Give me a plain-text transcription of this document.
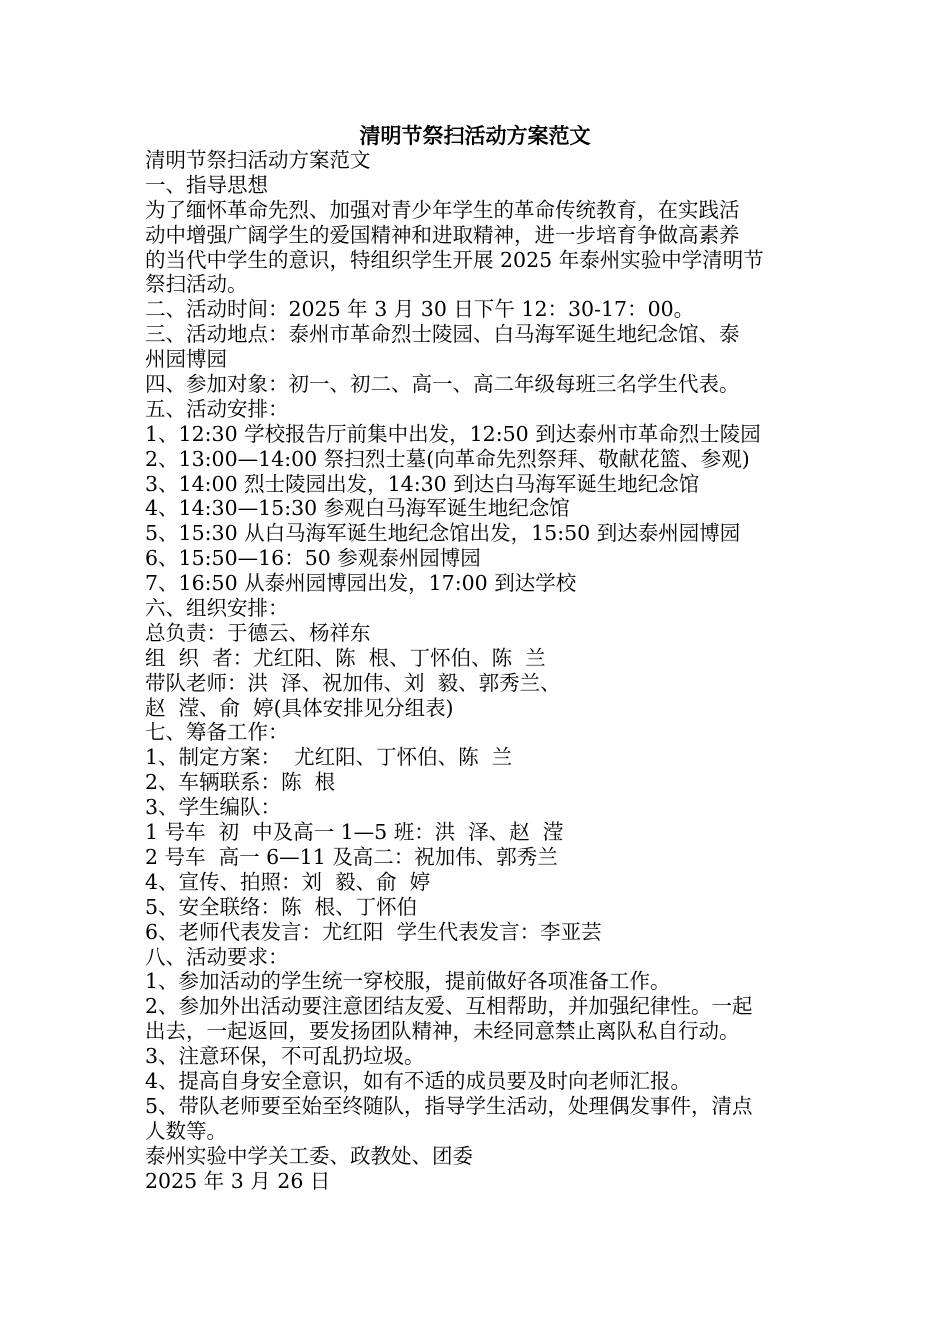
清明节祭扫活动方案范文
清明节祭扫活动方案范文
一、指导思想
为了缅怀革命先烈、加强对青少年学生的革命传统教育，在实践活
动中增强广阔学生的爱国精神和进取精神，进一步培育争做高素养
的当代中学生的意识，特组织学生开展 2025 年泰州实验中学清明节
祭扫活动。
二、活动时间：2025 年 3 月 30 日下午 12：30-17：00。
三、活动地点：泰州市革命烈士陵园、白马海军诞生地纪念馆、泰
州园博园
四、参加对象：初一、初二、高一、高二年级每班三名学生代表。
五、活动安排：
1、12:30 学校报告厅前集中出发，12:50 到达泰州市革命烈士陵园
2、13:00—14:00 祭扫烈士墓(向革命先烈祭拜、敬献花篮、参观)
3、14:00 烈士陵园出发，14:30 到达白马海军诞生地纪念馆
4、14:30—15:30 参观白马海军诞生地纪念馆
5、15:30 从白马海军诞生地纪念馆出发，15:50 到达泰州园博园
6、15:50—16：50 参观泰州园博园
7、16:50 从泰州园博园出发，17:00 到达学校
六、组织安排：
总负责：于德云、杨祥东
组  织  者：尤红阳、陈  根、丁怀伯、陈  兰
带队老师：洪  泽、祝加伟、刘  毅、郭秀兰、
赵  滢、俞  婷(具体安排见分组表)
七、筹备工作：
1、制定方案：  尤红阳、丁怀伯、陈  兰
2、车辆联系：陈  根
3、学生编队：
1 号车  初  中及高一 1—5 班：洪  泽、赵  滢
2 号车  高一 6—11 及高二：祝加伟、郭秀兰
4、宣传、拍照：刘  毅、俞  婷
5、安全联络：陈  根、丁怀伯
6、老师代表发言：尤红阳  学生代表发言：李亚芸
八、活动要求：
1、参加活动的学生统一穿校服，提前做好各项准备工作。
2、参加外出活动要注意团结友爱、互相帮助，并加强纪律性。一起
出去，一起返回，要发扬团队精神，未经同意禁止离队私自行动。
3、注意环保，不可乱扔垃圾。
4、提高自身安全意识，如有不适的成员要及时向老师汇报。
5、带队老师要至始至终随队，指导学生活动，处理偶发事件，清点
人数等。
泰州实验中学关工委、政教处、团委
2025 年 3 月 26 日
